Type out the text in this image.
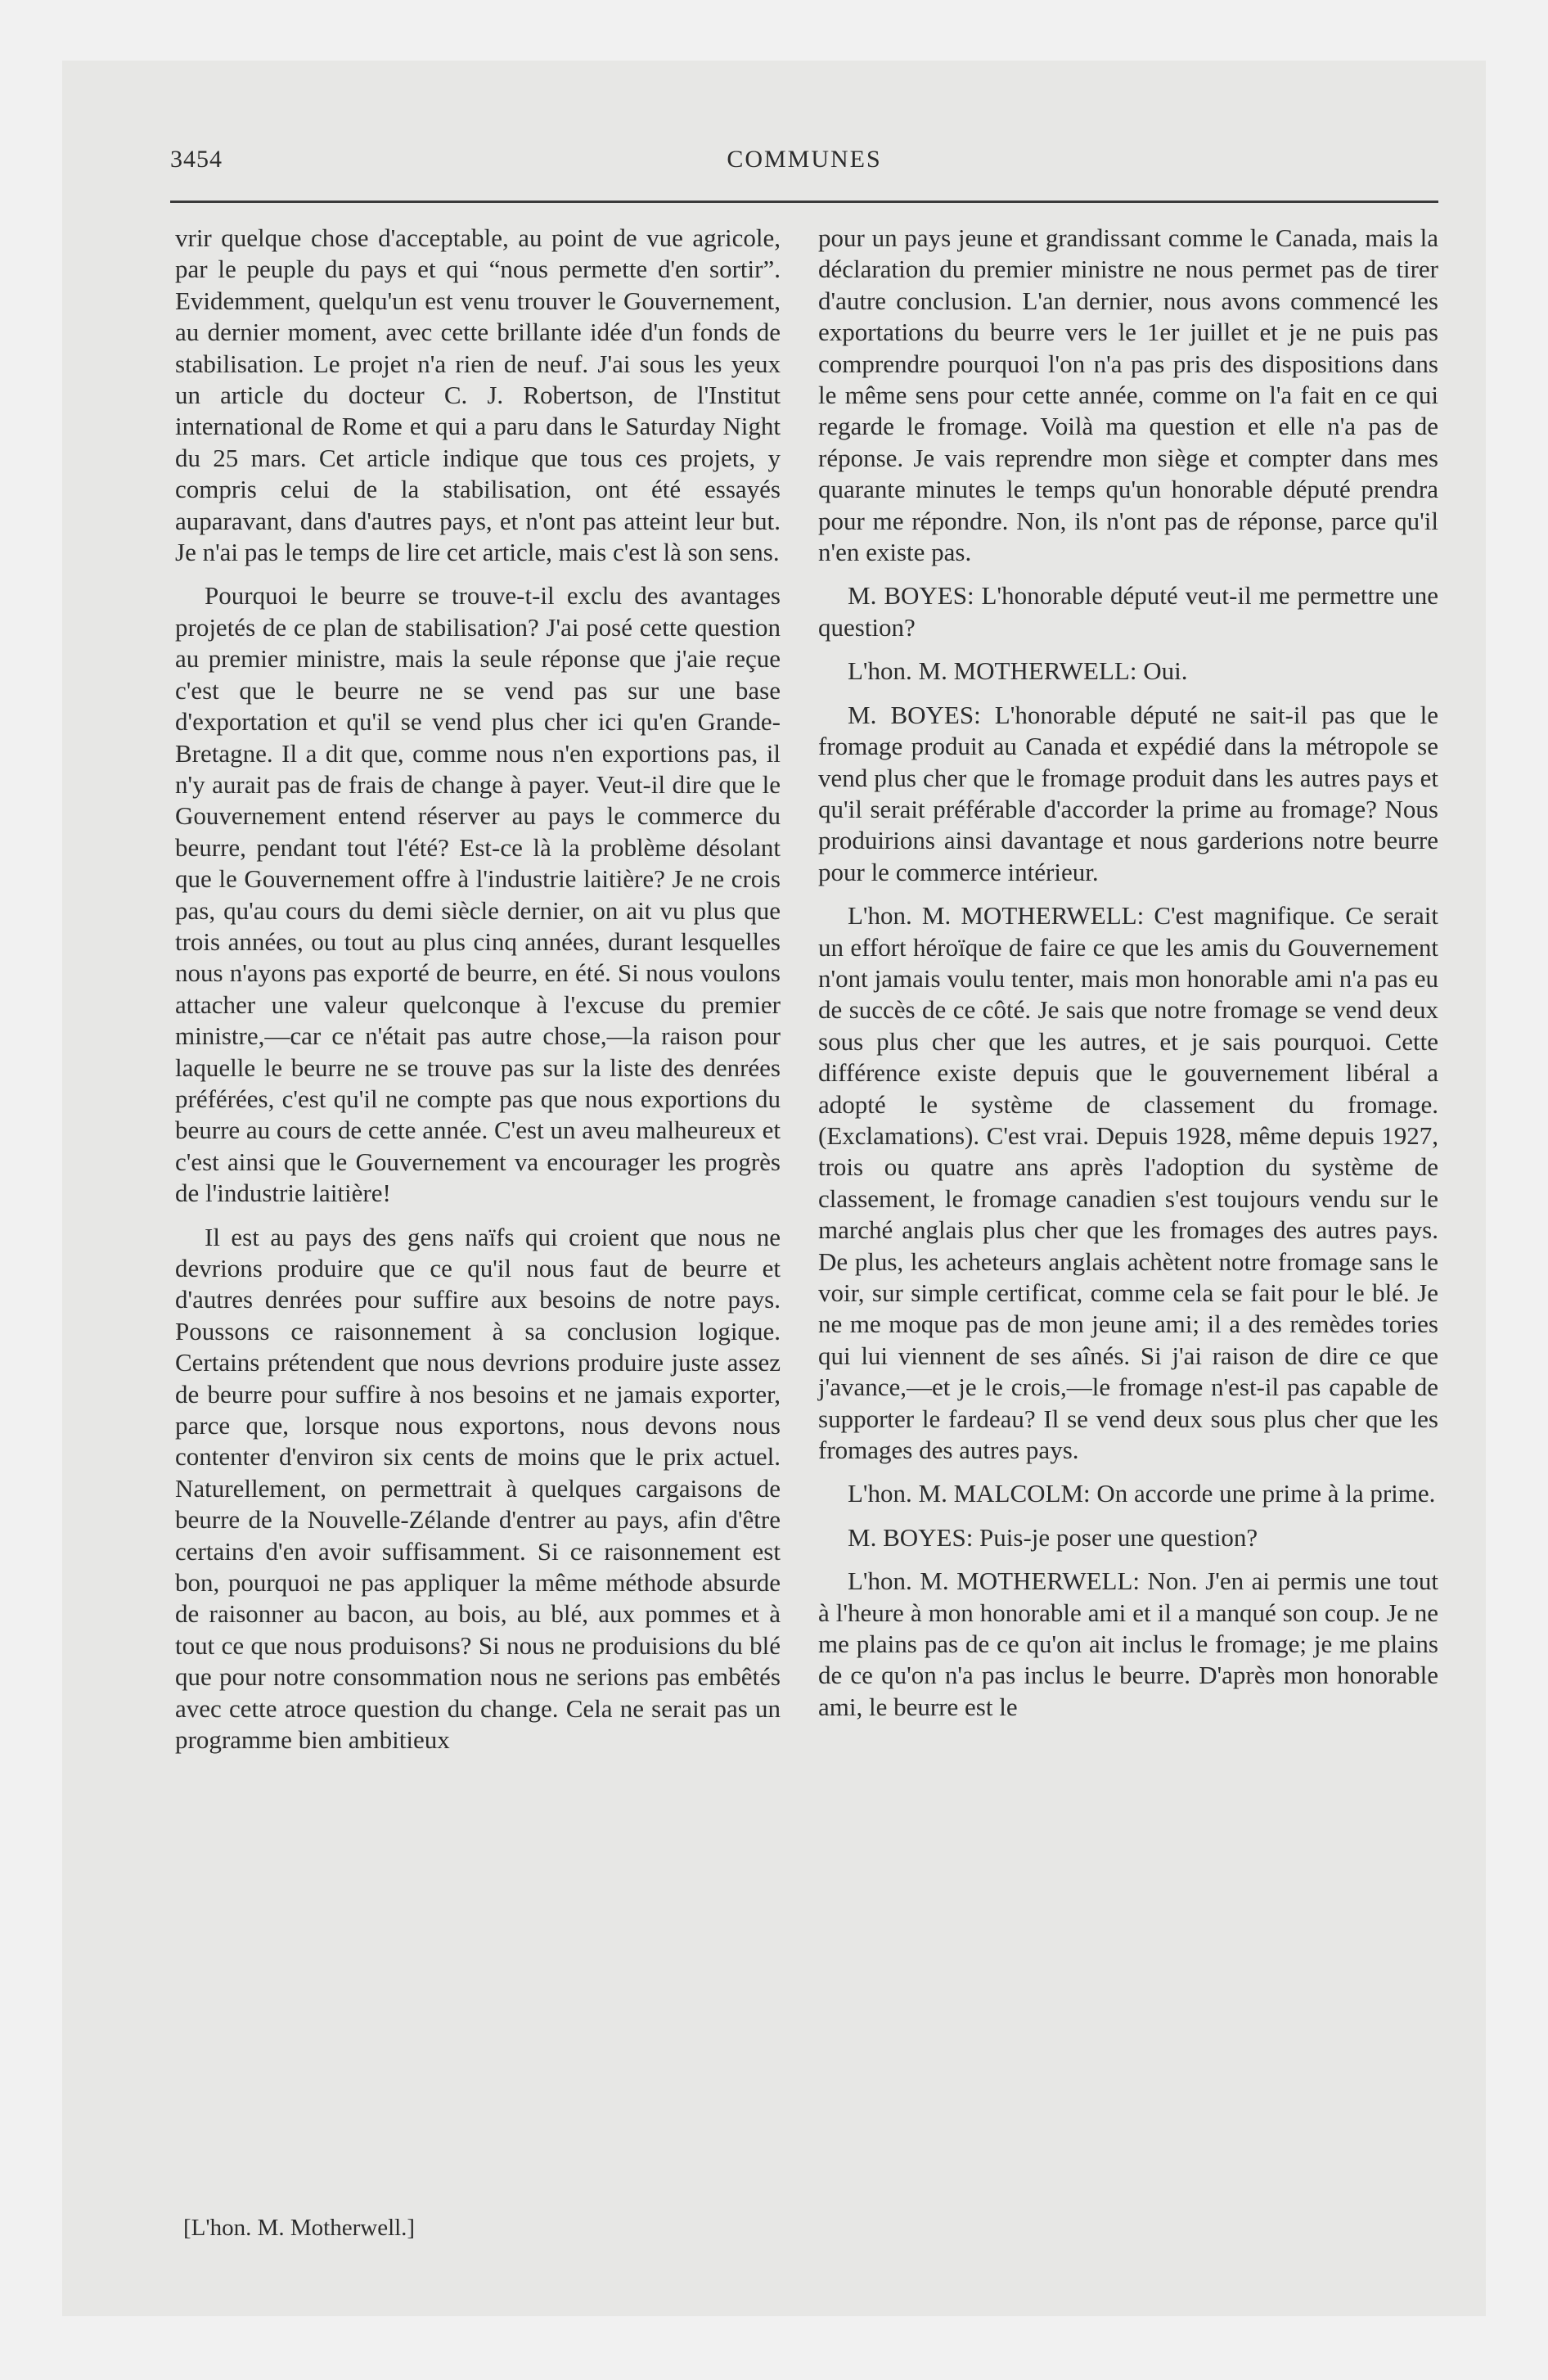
3454	COMMUNES

vrir quelque chose d'acceptable, au point de vue agricole, par le peuple du pays et qui “nous permette d'en sortir”. Evidemment, quelqu'un est venu trouver le Gouvernement, au dernier moment, avec cette brillante idée d'un fonds de stabilisation. Le projet n'a rien de neuf. J'ai sous les yeux un article du docteur C. J. Robertson, de l'Institut international de Rome et qui a paru dans le Saturday Night du 25 mars. Cet article indique que tous ces projets, y compris celui de la stabilisation, ont été essayés auparavant, dans d'autres pays, et n'ont pas atteint leur but. Je n'ai pas le temps de lire cet article, mais c'est là son sens.

Pourquoi le beurre se trouve-t-il exclu des avantages projetés de ce plan de stabilisation? J'ai posé cette question au premier ministre, mais la seule réponse que j'aie reçue c'est que le beurre ne se vend pas sur une base d'exportation et qu'il se vend plus cher ici qu'en Grande-Bretagne. Il a dit que, comme nous n'en exportions pas, il n'y aurait pas de frais de change à payer. Veut-il dire que le Gouvernement entend réserver au pays le commerce du beurre, pendant tout l'été? Est-ce là la problème désolant que le Gouvernement offre à l'industrie laitière? Je ne crois pas, qu'au cours du demi siècle dernier, on ait vu plus que trois années, ou tout au plus cinq années, durant lesquelles nous n'ayons pas exporté de beurre, en été. Si nous voulons attacher une valeur quelconque à l'excuse du premier ministre,—car ce n'était pas autre chose,—la raison pour laquelle le beurre ne se trouve pas sur la liste des denrées préférées, c'est qu'il ne compte pas que nous exportions du beurre au cours de cette année. C'est un aveu malheureux et c'est ainsi que le Gouvernement va encourager les progrès de l'industrie laitière!

Il est au pays des gens naïfs qui croient que nous ne devrions produire que ce qu'il nous faut de beurre et d'autres denrées pour suffire aux besoins de notre pays. Poussons ce raisonnement à sa conclusion logique. Certains prétendent que nous devrions produire juste assez de beurre pour suffire à nos besoins et ne jamais exporter, parce que, lorsque nous exportons, nous devons nous contenter d'environ six cents de moins que le prix actuel. Naturellement, on permettrait à quelques cargaisons de beurre de la Nouvelle-Zélande d'entrer au pays, afin d'être certains d'en avoir suffisamment. Si ce raisonnement est bon, pourquoi ne pas appliquer la même méthode absurde de raisonner au bacon, au bois, au blé, aux pommes et à tout ce que nous produisons? Si nous ne produisions du blé que pour notre consommation nous ne serions pas embêtés avec cette atroce question du change. Cela ne serait pas un programme bien ambitieux

pour un pays jeune et grandissant comme le Canada, mais la déclaration du premier ministre ne nous permet pas de tirer d'autre conclusion. L'an dernier, nous avons commencé les exportations du beurre vers le 1er juillet et je ne puis pas comprendre pourquoi l'on n'a pas pris des dispositions dans le même sens pour cette année, comme on l'a fait en ce qui regarde le fromage. Voilà ma question et elle n'a pas de réponse. Je vais reprendre mon siège et compter dans mes quarante minutes le temps qu'un honorable député prendra pour me répondre. Non, ils n'ont pas de réponse, parce qu'il n'en existe pas.

M. BOYES: L'honorable député veut-il me permettre une question?

L'hon. M. MOTHERWELL: Oui.

M. BOYES: L'honorable député ne sait-il pas que le fromage produit au Canada et expédié dans la métropole se vend plus cher que le fromage produit dans les autres pays et qu'il serait préférable d'accorder la prime au fromage? Nous produirions ainsi davantage et nous garderions notre beurre pour le commerce intérieur.

L'hon. M. MOTHERWELL: C'est magnifique. Ce serait un effort héroïque de faire ce que les amis du Gouvernement n'ont jamais voulu tenter, mais mon honorable ami n'a pas eu de succès de ce côté. Je sais que notre fromage se vend deux sous plus cher que les autres, et je sais pourquoi. Cette différence existe depuis que le gouvernement libéral a adopté le système de classement du fromage. (Exclamations). C'est vrai. Depuis 1928, même depuis 1927, trois ou quatre ans après l'adoption du système de classement, le fromage canadien s'est toujours vendu sur le marché anglais plus cher que les fromages des autres pays. De plus, les acheteurs anglais achètent notre fromage sans le voir, sur simple certificat, comme cela se fait pour le blé. Je ne me moque pas de mon jeune ami; il a des remèdes tories qui lui viennent de ses aînés. Si j'ai raison de dire ce que j'avance,—et je le crois,—le fromage n'est-il pas capable de supporter le fardeau? Il se vend deux sous plus cher que les fromages des autres pays.

L'hon. M. MALCOLM: On accorde une prime à la prime.

M. BOYES: Puis-je poser une question?

L'hon. M. MOTHERWELL: Non. J'en ai permis une tout à l'heure à mon honorable ami et il a manqué son coup. Je ne me plains pas de ce qu'on ait inclus le fromage; je me plains de ce qu'on n'a pas inclus le beurre. D'après mon honorable ami, le beurre est le

[L'hon. M. Motherwell.]
